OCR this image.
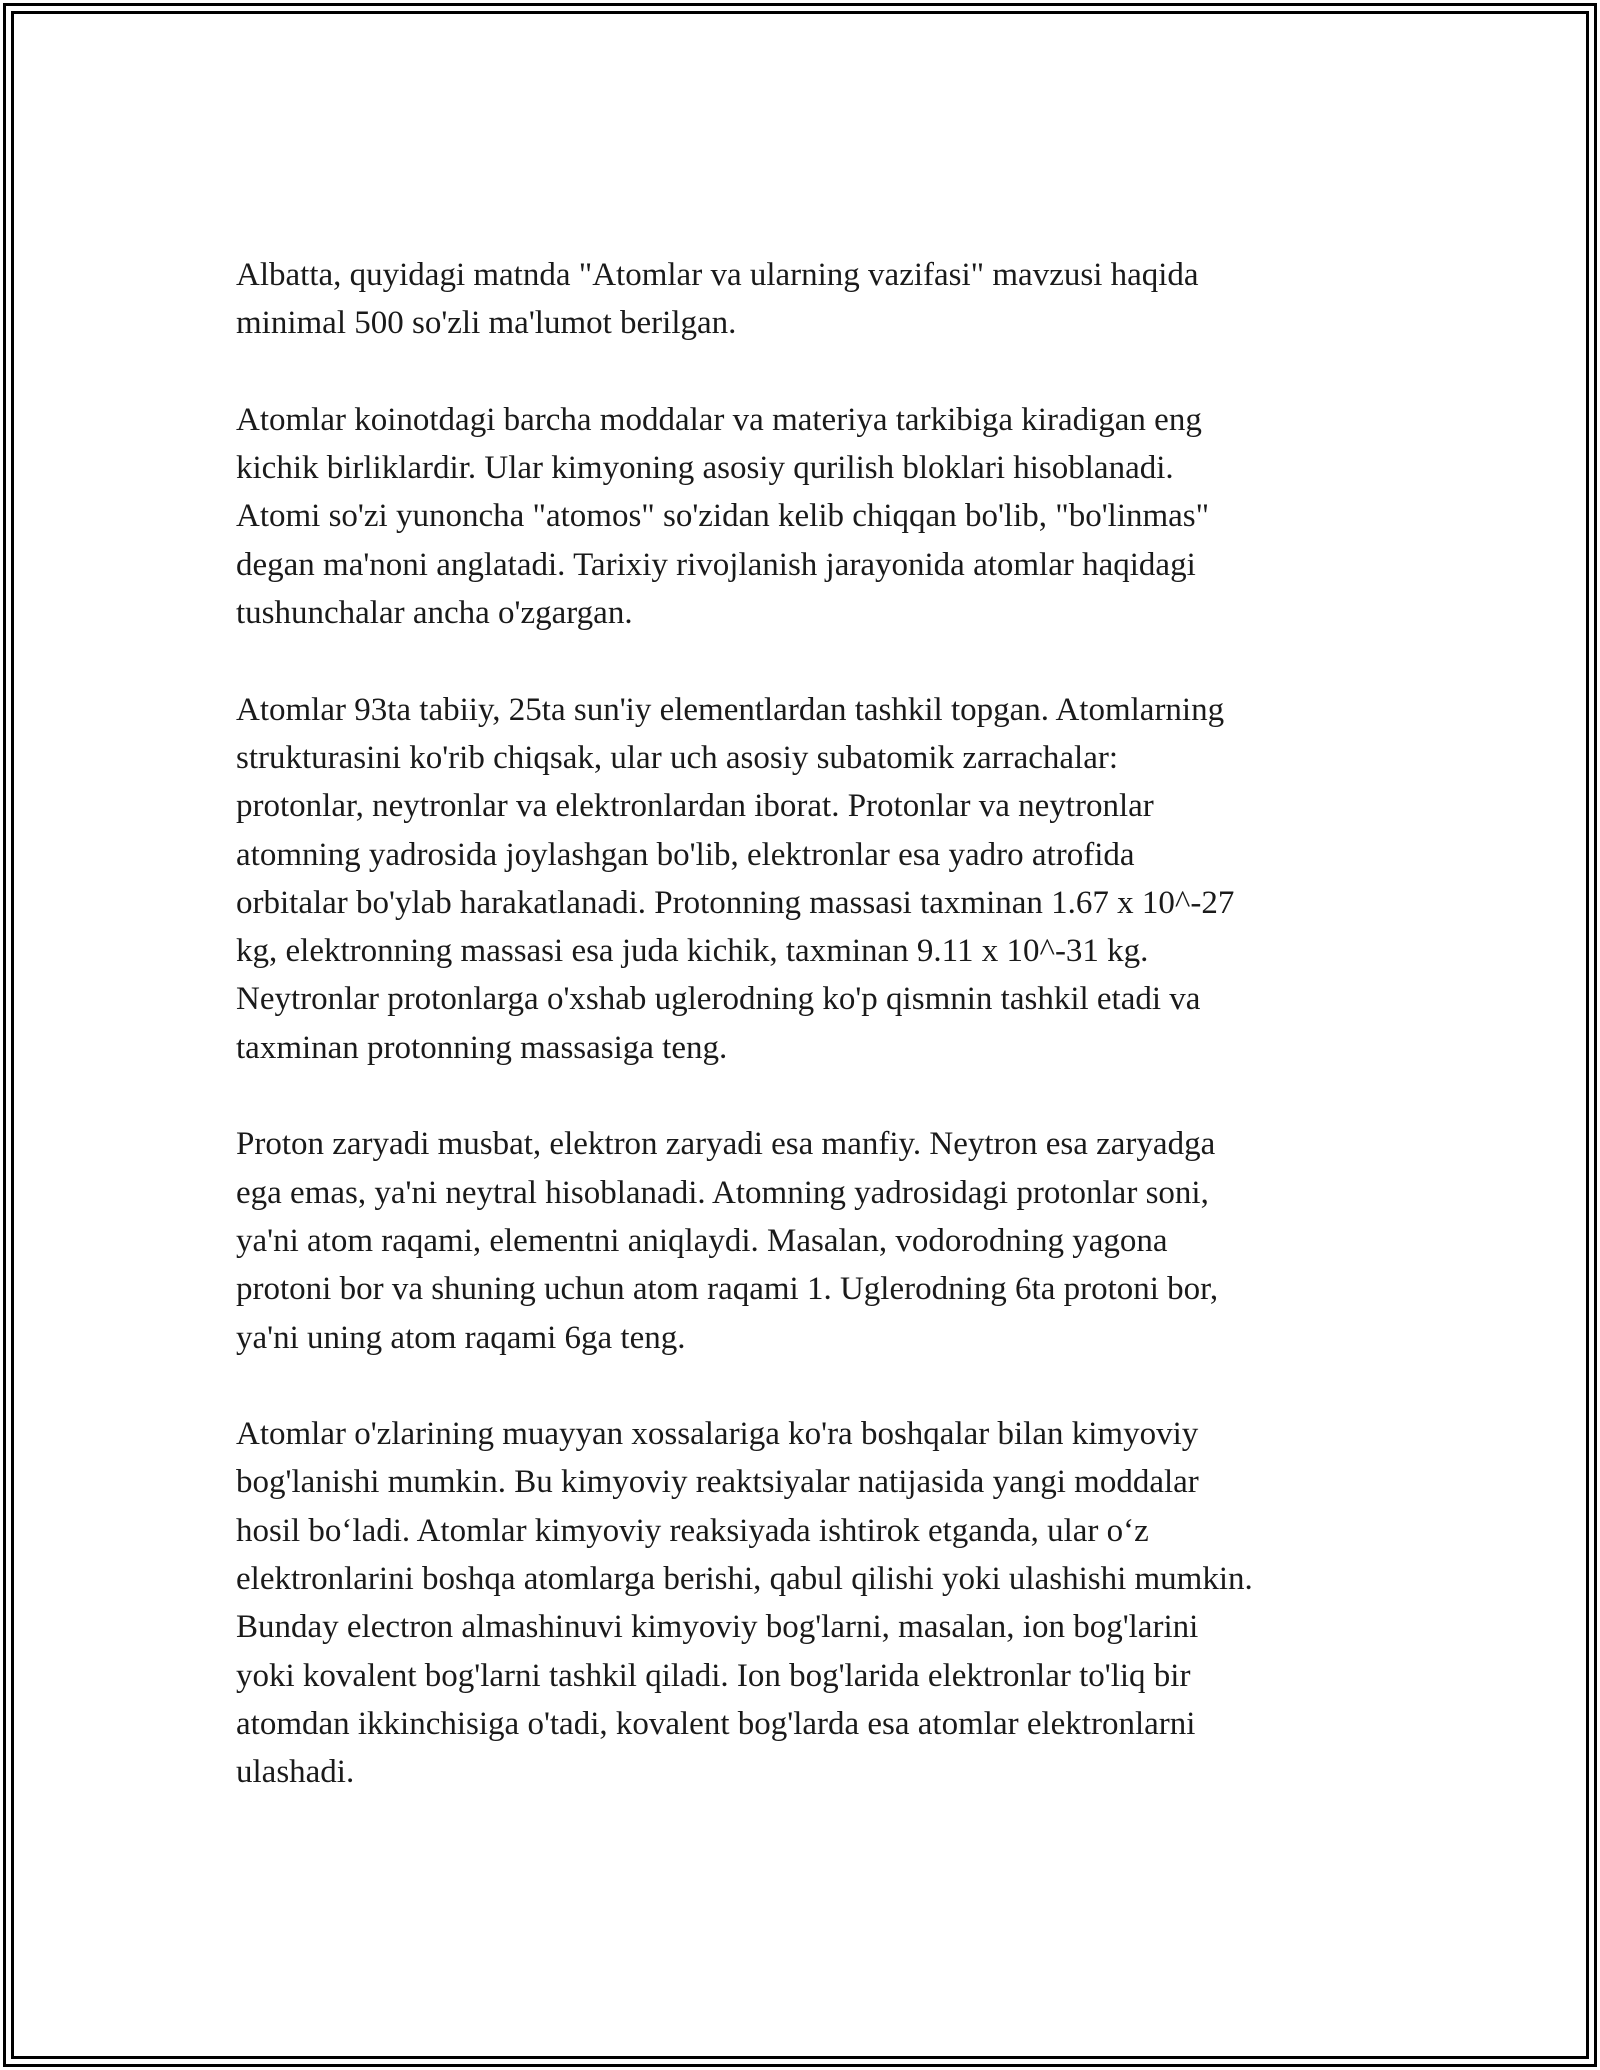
Albatta, quyidagi matnda "Atomlar va ularning vazifasi" mavzusi haqida
minimal 500 so'zli ma'lumot berilgan.

Atomlar koinotdagi barcha moddalar va materiya tarkibiga kiradigan eng
kichik birliklardir. Ular kimyoning asosiy qurilish bloklari hisoblanadi.
Atomi so'zi yunoncha "atomos" so'zidan kelib chiqqan bo'lib, "bo'linmas"
degan ma'noni anglatadi. Tarixiy rivojlanish jarayonida atomlar haqidagi
tushunchalar ancha o'zgargan.

Atomlar 93ta tabiiy, 25ta sun'iy elementlardan tashkil topgan. Atomlarning
strukturasini ko'rib chiqsak, ular uch asosiy subatomik zarrachalar:
protonlar, neytronlar va elektronlardan iborat. Protonlar va neytronlar
atomning yadrosida joylashgan bo'lib, elektronlar esa yadro atrofida
orbitalar bo'ylab harakatlanadi. Protonning massasi taxminan 1.67 x 10^-27
kg, elektronning massasi esa juda kichik, taxminan 9.11 x 10^-31 kg.
Neytronlar protonlarga o'xshab uglerodning ko'p qismnin tashkil etadi va
taxminan protonning massasiga teng.

Proton zaryadi musbat, elektron zaryadi esa manfiy. Neytron esa zaryadga
ega emas, ya'ni neytral hisoblanadi. Atomning yadrosidagi protonlar soni,
ya'ni atom raqami, elementni aniqlaydi. Masalan, vodorodning yagona
protoni bor va shuning uchun atom raqami 1. Uglerodning 6ta protoni bor,
ya'ni uning atom raqami 6ga teng.

Atomlar o'zlarining muayyan xossalariga ko'ra boshqalar bilan kimyoviy
bog'lanishi mumkin. Bu kimyoviy reaktsiyalar natijasida yangi moddalar
hosil bo‘ladi. Atomlar kimyoviy reaksiyada ishtirok etganda, ular o‘z
elektronlarini boshqa atomlarga berishi, qabul qilishi yoki ulashishi mumkin.
Bunday electron almashinuvi kimyoviy bog'larni, masalan, ion bog'larini
yoki kovalent bog'larni tashkil qiladi. Ion bog'larida elektronlar to'liq bir
atomdan ikkinchisiga o'tadi, kovalent bog'larda esa atomlar elektronlarni
ulashadi.
